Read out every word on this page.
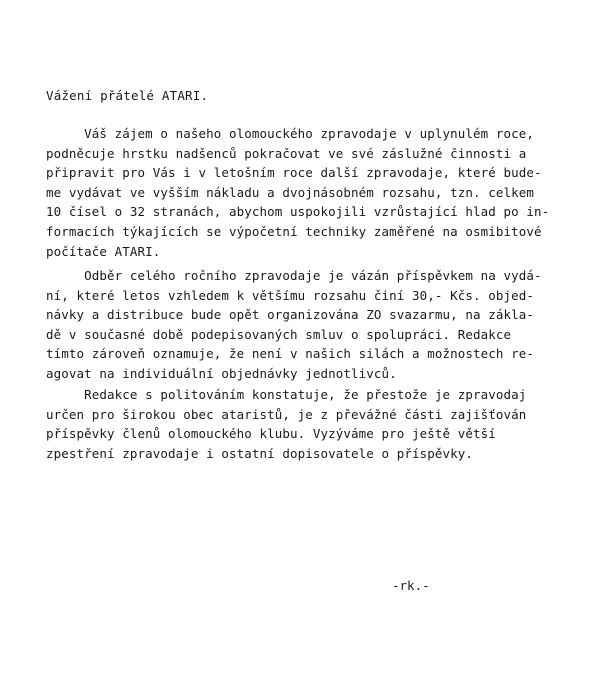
Vážení přátelé ATARI.
Váš zájem o našeho olomouckého zpravodaje v uplynulém roce,
podněcuje hrstku nadšenců pokračovat ve své záslužné činnosti a
připravit pro Vás i v letošním roce další zpravodaje, které bude-
me vydávat ve vyšším nákladu a dvojnásobném rozsahu, tzn. celkem
10 čísel o 32 stranách, abychom uspokojili vzrůstající hlad po in-
formacích týkajících se výpočetní techniky zaměřené na osmibitové
počítače ATARI.
Odběr celého ročního zpravodaje je vázán příspěvkem na vydá-
ní, které letos vzhledem k většímu rozsahu činí 30,- Kčs. objed-
návky a distribuce bude opět organizována ZO svazarmu, na zákla-
dě v současné době podepisovaných smluv o spolupráci. Redakce
tímto zároveň oznamuje, že není v našich silách a možnostech re-
agovat na individuální objednávky jednotlivců.
Redakce s politováním konstatuje, že přestože je zpravodaj
určen pro širokou obec ataristů, je z převážné části zajišťován
příspěvky členů olomouckého klubu. Vyzýváme pro ještě větší
zpestření zpravodaje i ostatní dopisovatele o příspěvky.
-rk.-
